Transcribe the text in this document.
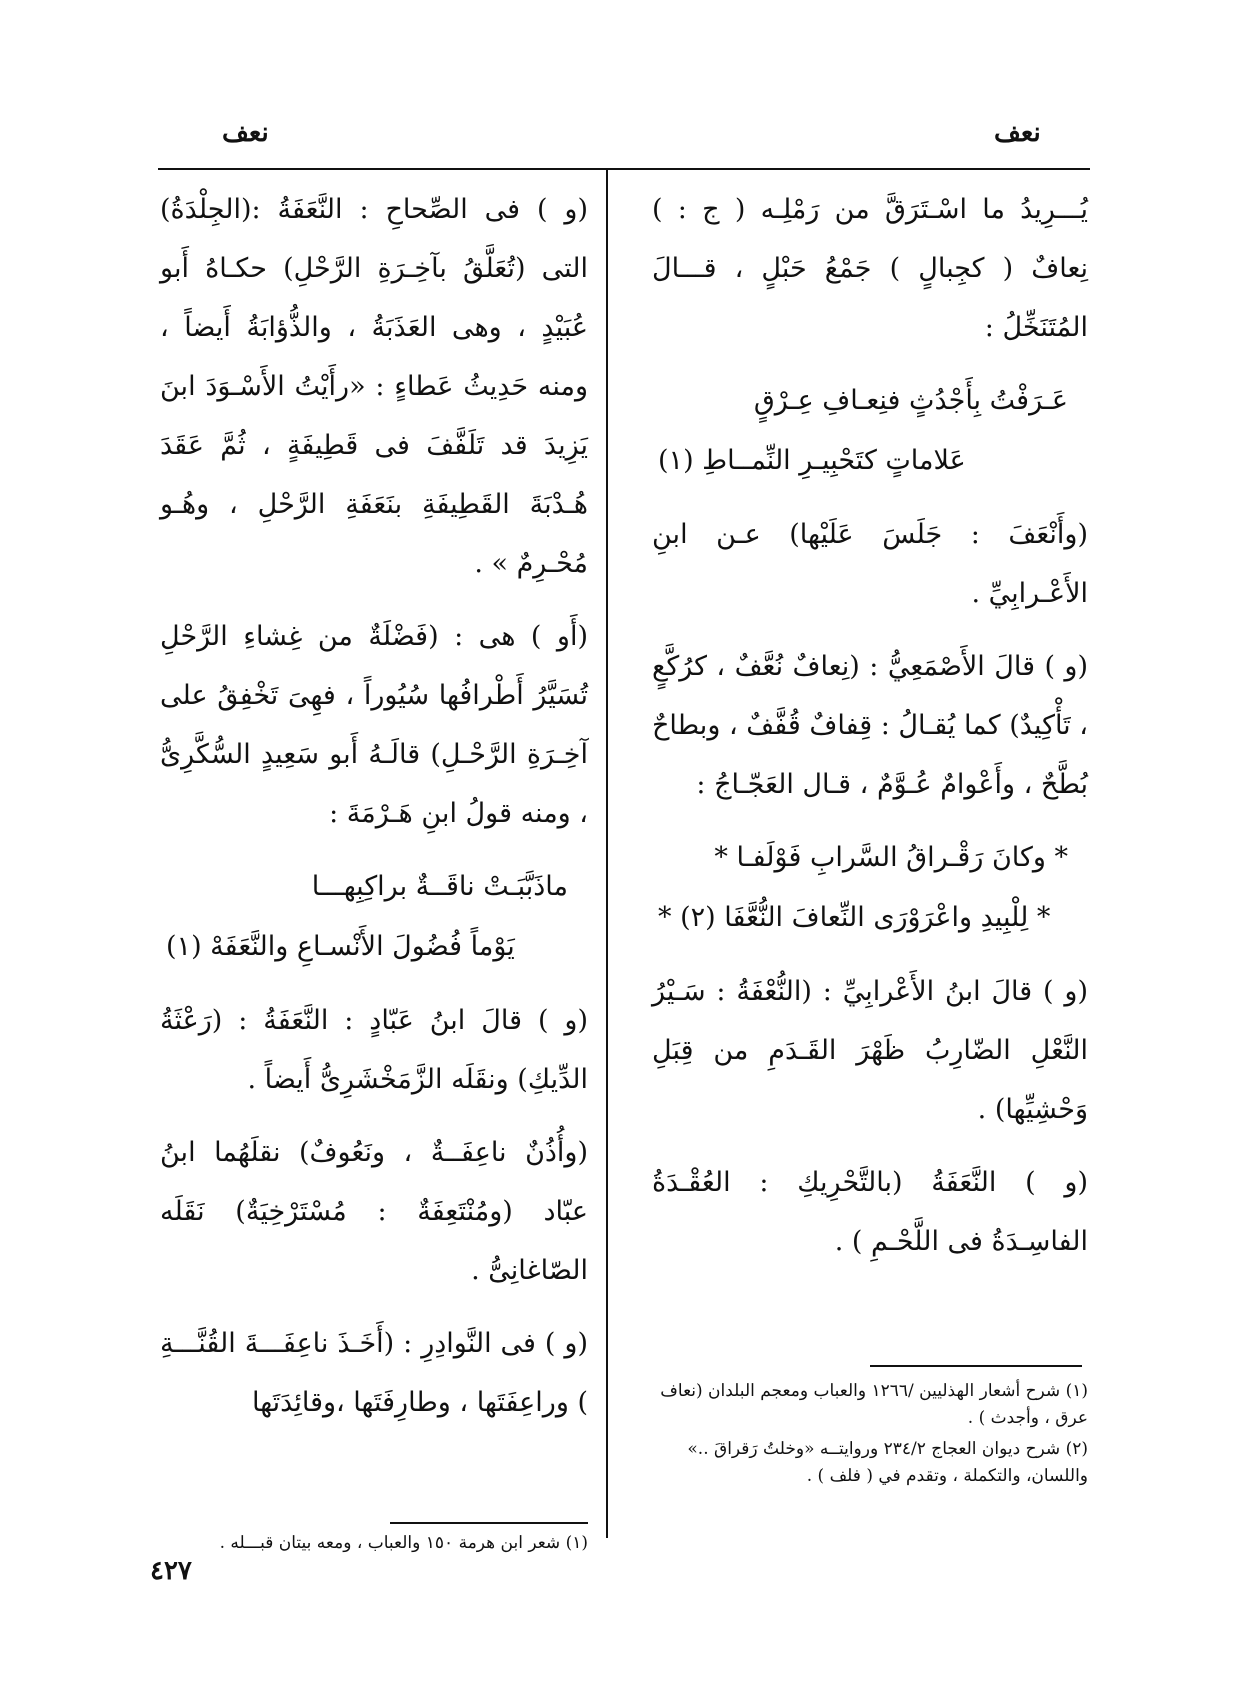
نعف
نعف

يُـــرِيدُ ما اسْـتَرَقَّ من رَمْلِـه ( ج : ) نِعافٌ ( كجِبالٍ ) جَمْعُ حَبْلٍ ، قـــالَ المُتَنَخِّلُ :

عَـرَفْتُ بِأَجْدُثٍ فنِعـافِ عِـرْقٍ
عَلاماتٍ كتَحْبِيـرِ النِّمــاطِ (١)

(وأَنْعَفَ : جَلَسَ عَلَيْها) عـن ابنِ الأَعْـرابِيِّ .

(و ) قالَ الأَصْمَعِيُّ : (نِعافٌ نُعَّفٌ ، كرُكَّعٍ ، تَأْكِيدٌ) كما يُقـالُ : قِفافٌ قُفَّفٌ ، وبطاحٌ بُطَّحٌ ، وأَعْوامٌ عُـوَّمٌ ، قـال العَجّـاجُ :

* وكانَ رَقْـراقُ السَّرابِ فَوْلَفـا *
* لِلْبِيدِ واعْرَوْرَى النِّعافَ النُّعَّفَا (٢) *

(و ) قالَ ابنُ الأَعْرابِيِّ : (النُّعْفَةُ : سَـيْرُ النَّعْلِ الضّارِبُ ظَهْرَ القَـدَمِ من قِبَلِ وَحْشِيِّها) .

(و ) النَّعَفَةُ (بالتَّحْرِيكِ : العُقْـدَةُ الفاسِـدَةُ فى اللَّحْـمِ ) .

(و ) فى الصِّحاحِ : النَّعَفَةُ :(الجِلْدَةُ) التى (تُعَلَّقُ بآخِـرَةِ الرَّحْلِ) حكـاهُ أَبو عُبَيْدٍ ، وهى العَذَبَةُ ، والذُّؤابَةُ أَيضاً ، ومنه حَدِيثُ عَطاءٍ : «رأَيْتُ الأَسْـوَدَ ابنَ يَزِيدَ قد تَلَفَّفَ فى قَطِيفَةٍ ، ثُمَّ عَقَدَ هُـدْبَةَ القَطِيفَةِ بنَعَفَةِ الرَّحْلِ ، وهُـو مُحْـرِمٌ » .

(أَو ) هى : (فَضْلَةٌ من غِشاءِ الرَّحْلِ تُسَيَّرُ أَطْرافُها سُيُوراً ، فهِىَ تَخْفِقُ على آخِـرَةِ الرَّحْـلِ) قالَـهُ أَبو سَعِيدٍ السُّكَّرِىُّ ، ومنه قولُ ابنِ هَـرْمَةَ :

ماذَبَّبَـتْ ناقَــةٌ براكِبِهـــا
يَوْماً فُضُولَ الأَنْسـاعِ والنَّعَفَهْ (١)

(و ) قالَ ابنُ عَبّادٍ : النَّعَفَةُ : (رَعْثَةُ الدِّيكِ) ونقَلَه الزَّمَخْشَرِىُّ أَيضاً .

(وأُذُنٌ ناعِفَــةٌ ، ونَعُوفٌ) نقلَهُما ابنُ عبّاد (ومُنْتَعِفَةٌ : مُسْتَرْخِيَةٌ) نَقَلَه الصّاغانِىُّ .

(و ) فى النَّوادِرِ : (أَخَـذَ ناعِفَـــةَ القُنَّـــةِ ) وراعِفَتَها ، وطارِفَتَها ،وقائِدَتَها	(١) شرح أشعار الهذليين /١٢٦٦ والعباب ومعجم البلدان (نعاف عرق ، وأجدث ) .

(٢) شرح ديوان العجاج ٢٣٤/٢ وروايتــه «وخلتُ رَقراقَ ..» واللسان، والتكملة ، وتقدم في ( فلف ) .

(١) شعر ابن هرمة ١٥٠ والعباب ، ومعه بيتان قبـــله .

٤٢٧
